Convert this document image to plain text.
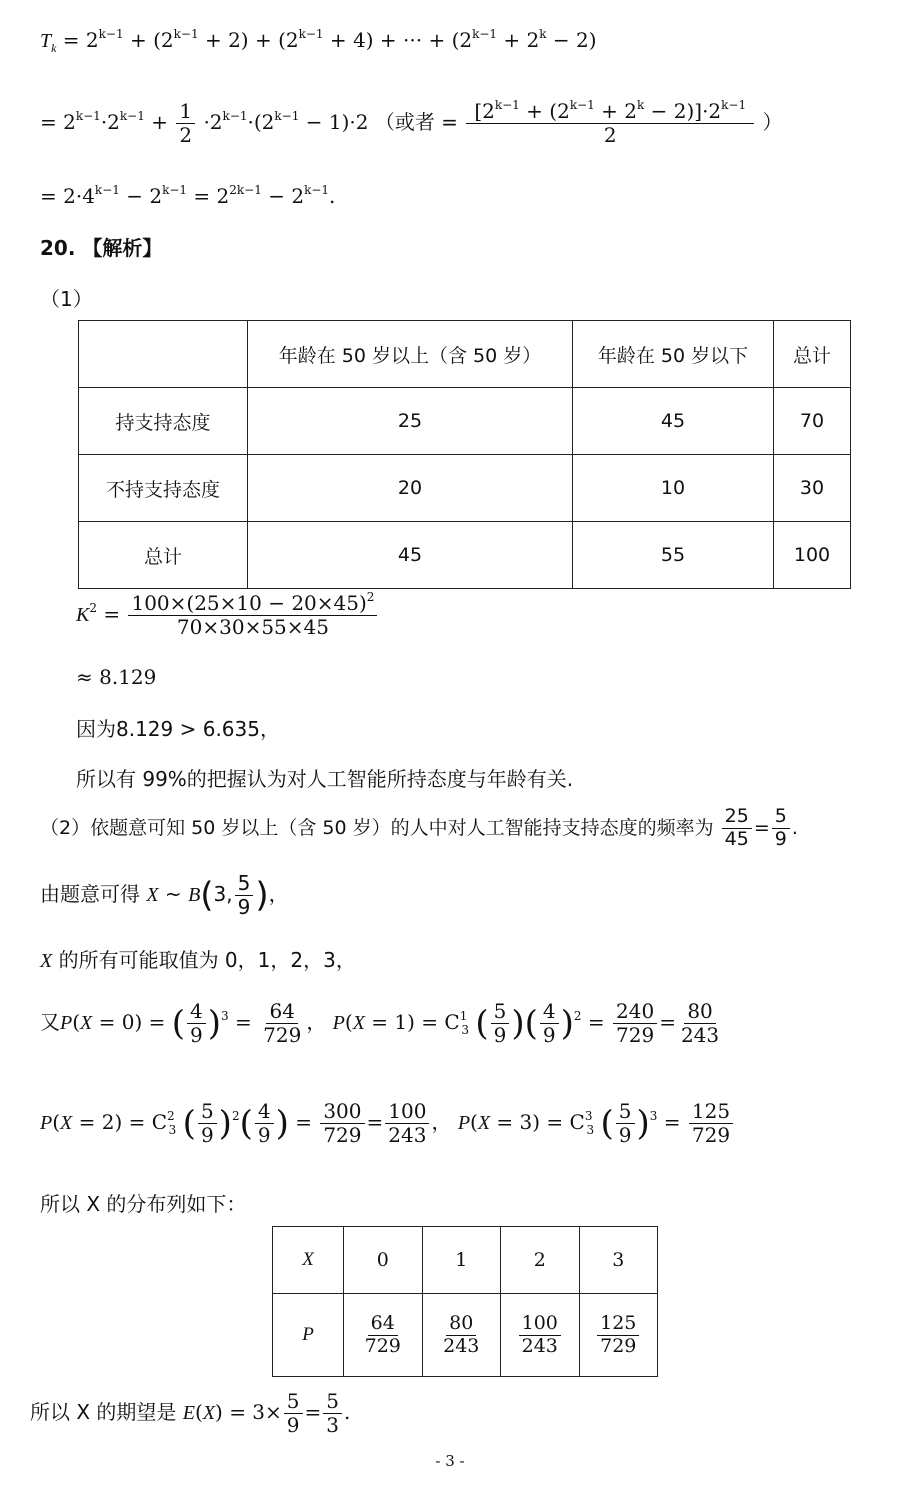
$T_k = 2^{k-1} + (2^{k-1} + 2) + (2^{k-1} + 4)$ + ··· + $(2^{k-1} + 2^k - 2)$
= $2^{k-1}\cdot 2^{k-1} + \frac{1}{2} \cdot 2^{k-1}\cdot(2^{k-1} - 1)\cdot 2$ （或者 = $\frac{[2^{k-1} + (2^{k-1} + 2^k - 2)]\cdot 2^{k-1}}{2}$ ）
= $2\cdot 4^{k-1} - 2^{k-1} = 2^{2k-1} - 2^{k-1}$.
20. 【解析】
（1）
	年龄在 50 岁以上（含 50 岁）	年龄在 50 岁以下	总计
持支持态度	25	45	70
不持支持态度	20	10	30
总计	45	55	100
$K^2 = \frac{100\times(25\times 10 - 20\times 45)^2}{70\times 30\times 55\times 45}$
≈ 8.129
因为8.129 > 6.635，
所以有 99%的把握认为对人工智能所持态度与年龄有关.
（2）依题意可知 50 岁以上（含 50 岁）的人中对人工智能持支持态度的频率为 $\frac{25}{45} = \frac{5}{9}$ .
由题意可得 X ~ B(3, $\frac{5}{9}$ )，
X 的所有可能取值为 0，1，2，3，
又P(X = 0) = ( $\frac{4}{9} )^3 = \frac{64}{729}$ ， $P(X = 1) = C^1_3$ ( $\frac{5}{9}$ )( $\frac{4}{9} )^2 = \frac{240}{729} = \frac{80}{243}$
$P(X = 2) = C^2_3$ ( $\frac{5}{9} )^2( \frac{4}{9}$ ) = $\frac{300}{729} = \frac{100}{243}$ ， $P(X = 3) = C^3_3$ ( $\frac{5}{9} )^3 = \frac{125}{729}$
所以 X 的分布列如下：
X	0	1	2	3
P	$\frac{64}{729}$	$\frac{80}{243}$	$\frac{100}{243}$	$\frac{125}{729}$
所以 X 的期望是 $E(X) = 3\times \frac{5}{9} = \frac{5}{3}$ .
- 3 -
